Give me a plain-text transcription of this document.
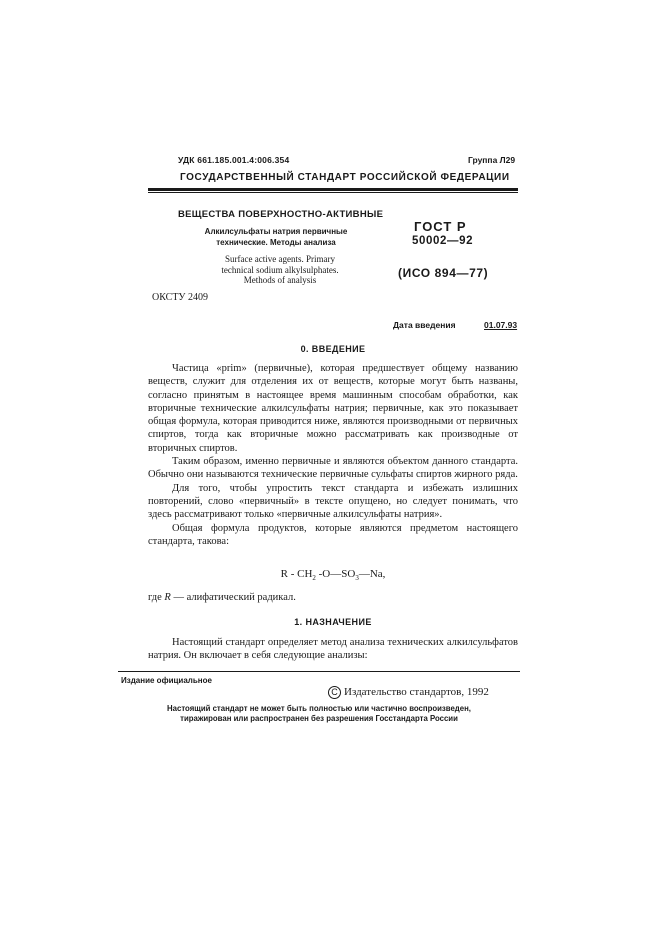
УДК 661.185.001.4:006.354	Группа Л29
ГОСУДАРСТВЕННЫЙ СТАНДАРТ РОССИЙСКОЙ ФЕДЕРАЦИИ
ВЕЩЕСТВА ПОВЕРХНОСТНО-АКТИВНЫЕ
Алкилсульфаты натрия первичные
технические. Методы анализа
Surface active agents. Primary
technical sodium alkylsulphates.
Methods of analysis
ГОСТ Р
50002—92
(ИСО 894—77)
ОКСТУ 2409
Дата введения	01.07.93
0. ВВЕДЕНИЕ

Частица «prim» (первичные), которая предшествует общему названию веществ, служит для отделения их от веществ, которые могут быть названы, согласно принятым в настоящее время машинным способам обработки, как вторичные технические алкилсульфаты натрия; первичные, как это показывает общая формула, которая приводится ниже, являются производными от первичных спиртов, тогда как вторичные можно рассматривать как производные от вторичных спиртов.

Таким образом, именно первичные и являются объектом данного стандарта. Обычно они называются технические первичные сульфаты спиртов жирного ряда.

Для того, чтобы упростить текст стандарта и избежать излишних повторений, слово «первичный» в тексте опущено, но следует понимать, что здесь рассматривают только «первичные алкилсульфаты натрия».

Общая формула продуктов, которые являются предметом настоящего стандарта, такова:

R - $CH_2$ $-O—SO_3—Na$,
где R — алифатический радикал.
1. НАЗНАЧЕНИЕ

Настоящий стандарт определяет метод анализа технических алкилсульфатов натрия. Он включает в себя следующие анализы:

Издание официальное
C Издательство стандартов, 1992
Настоящий стандарт не может быть полностью или частично воспроизведен,
тиражирован или распространен без разрешения Госстандарта России
